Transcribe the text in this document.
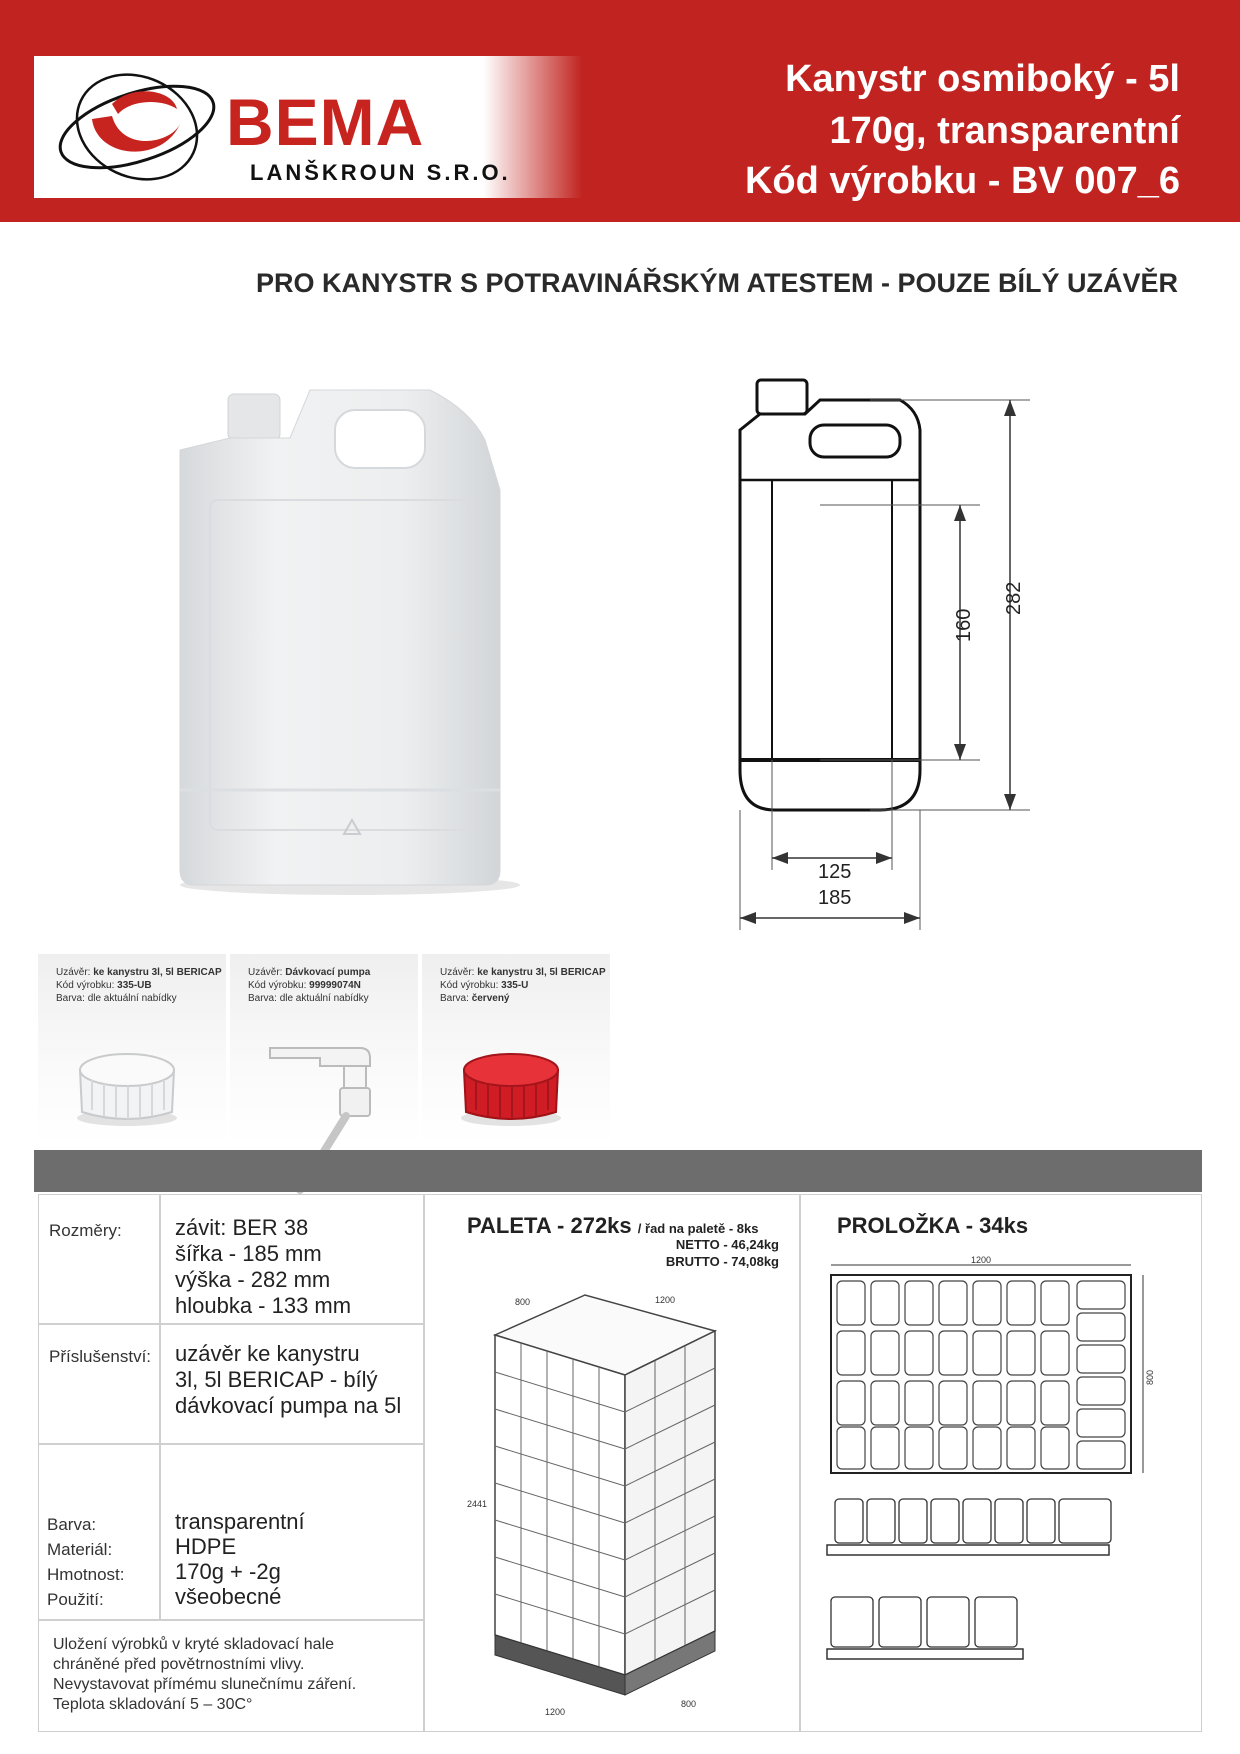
BEMA
LANŠKROUN S.R.O.
Kanystr osmiboký - 5l
170g, transparentní
Kód výrobku - BV 007_6
PRO KANYSTR S POTRAVINÁŘSKÝM ATESTEM - POUZE BÍLÝ UZÁVĚR
282
160
125
185
Uzávěr: ke kanystru 3l, 5l BERICAP
Kód výrobku: 335-UB
Barva: dle aktuální nabídky
Uzávěr: Dávkovací pumpa
Kód výrobku: 99999074N
Barva: dle aktuální nabídky
Uzávěr: ke kanystru 3l, 5l BERICAP
Kód výrobku: 335-U
Barva: červený
Rozměry: závit: BER 38
šířka - 185 mm
výška - 282 mm
hloubka - 133 mm
Příslušenství: uzávěr ke kanystru
3l, 5l BERICAP - bílý
dávkovací pumpa na 5l
Barva:
Materiál:
Hmotnost:
Použití:
transparentní
HDPE
170g + -2g
všeobecné
Uložení výrobků v kryté skladovací hale
chráněné před povětrnostními vlivy.
Nevystavovat přímému slunečnímu záření.
Teplota skladování 5 – 30C°
PALETA - 272ks / řad na paletě - 8ks
NETTO - 46,24kg
BRUTTO - 74,08kg
800	1200
2441
1200
800
PROLOŽKA - 34ks
1200
800
